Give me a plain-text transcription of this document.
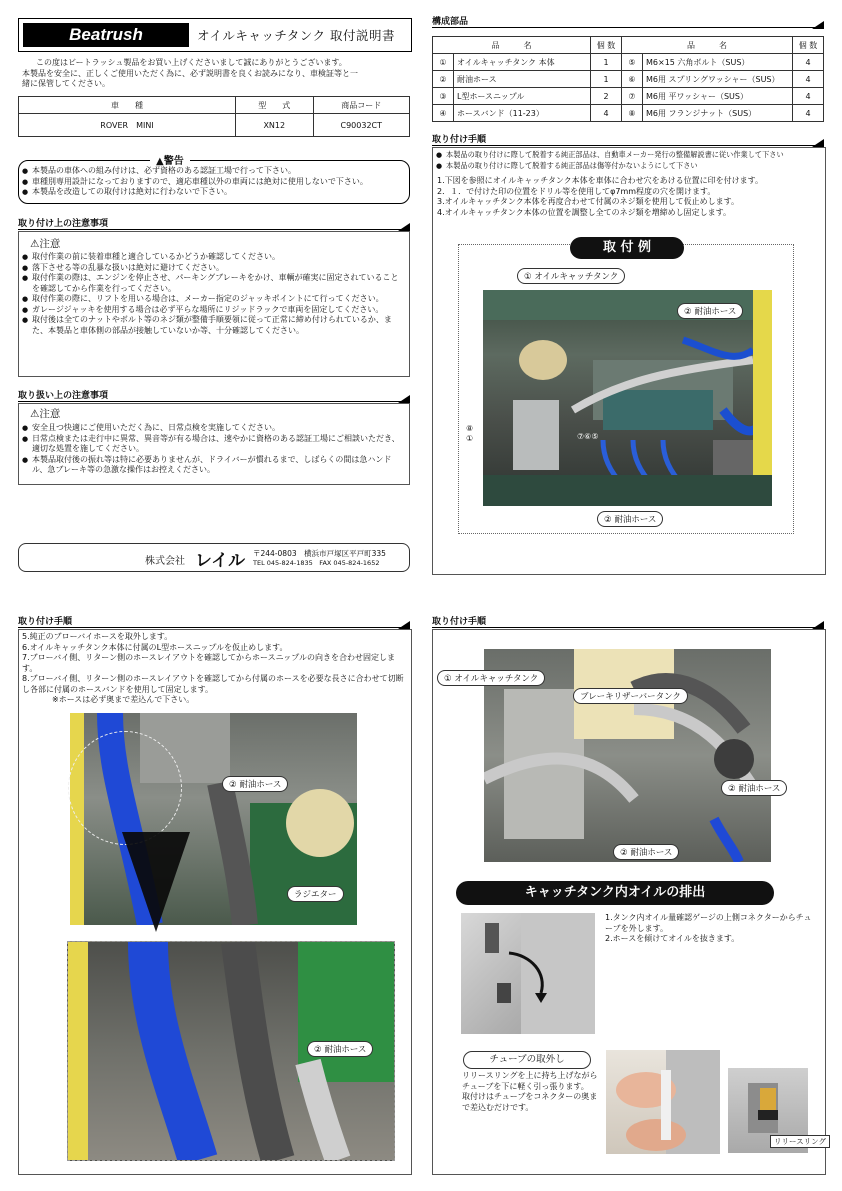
Beatrush	オイルキャッチタンク 取付説明書
この度はビートラッシュ製品をお買い上げくださいまして誠にありがとうございます。
本製品を安全に、正しくご使用いただく為に、必ず説明書を良くお読みになり、車検証等と一
緒に保管してください。
車　　種	型　　式	商品コード
ROVER　MINI	XN12	C90032CT
▲警告
● 本製品の車体への組み付けは、必ず資格のある認証工場で行って下さい。
● 車種別専用設計になっておりますので、適応車種以外の車両には絶対に使用しないで下さい。
● 本製品を改造しての取付けは絶対に行わないで下さい。
取り付け上の注意事項
⚠注意
● 取付作業の前に装着車種と適合しているかどうか確認してください。
● 落下させる等の乱暴な扱いは絶対に避けてください。
● 取付作業の際は、エンジンを停止させ、パーキングブレーキをかけ、車輌が確実に固定されていることを確認してから作業を行ってください。
● 取付作業の際に、リフトを用いる場合は、メーカー指定のジャッキポイントにて行ってください。
● ガレージジャッキを使用する場合は必ず平らな場所にリジッドラックで車両を固定してください。
● 取付後は全てのナットやボルト等のネジ類が整備手順要領に従って正常に締め付けられているか、また、本製品と車体側の部品が接触していないか等、十分確認してください。
取り扱い上の注意事項
⚠注意
● 安全且つ快適にご使用いただく為に、日常点検を実施してください。
● 日常点検または走行中に異常、異音等が有る場合は、速やかに資格のある認証工場にご相談いただき、適切な処置を施してください。
● 本製品取付後の振れ等は特に必要ありませんが、ドライバーが慣れるまで、しばらくの間は急ハンドル、急ブレーキ等の急激な操作はお控えください。
株式会社 レイル 〒244-0803　横浜市戸塚区平戸町335
TEL 045-824-1835　FAX 045-824-1652
構成部品
品　　　名		個 数	品　　　名		個 数
①	オイルキャッチタンク 本体	1	⑤	M6×15 六角ボルト（SUS）	4
②	耐油ホース	1	⑥	M6用 スプリングワッシャー（SUS）	4
③	L型ホースニップル	2	⑦	M6用 平ワッシャー（SUS）	4
④	ホースバンド（11-23）	4	⑧	M6用 フランジナット（SUS）	4
取り付け手順
● 本製品の取り付けに際して脱着する純正部品は、自動車メーカー発行の整備解説書に従い作業して下さい
● 本製品の取り付けに際して脱着する純正部品は傷等付かないようにして下さい
1.下図を参照にオイルキャッチタンク本体を車体に合わせ穴をあける位置に印を付けます。
2．１．で付けた印の位置をドリル等を使用してφ7mm程度の穴を開けます。
3.オイルキャッチタンク本体を再度合わせて付属のネジ類を使用して仮止めします。
4.オイルキャッチタンク本体の位置を調整し全てのネジ類を増締めし固定します。
取 付 例
① オイルキャッチタンク
② 耐油ホース
② 耐油ホース
⑧
①	⑦⑥⑤
取り付け手順
5.純正のブローバイホースを取外します。
6.オイルキャッチタンク本体に付属のL型ホースニップルを仮止めします。
7.ブローバイ側、リターン側のホースレイアウトを確認してからホースニップルの向きを合わせ固定します。
8.ブローバイ側、リターン側のホースレイアウトを確認してから付属のホースを必要な長さに合わせて切断し各部に付属のホースバンドを使用して固定します。
※ホースは必ず奥まで差込んで下さい。
② 耐油ホース
ラジエター
② 耐油ホース
取り付け手順
① オイルキャッチタンク
ブレーキリザーバータンク
② 耐油ホース
② 耐油ホース
キャッチタンク内オイルの排出
1.タンク内オイル量確認ゲージの上側コネクターからチューブを外します。
2.ホースを傾けてオイルを抜きます。
チューブの取外し
リリースリングを上に持ち上げながらチューブを下に軽く引っ張ります。
取付けはチューブをコネクターの奥まで差込むだけです。
リリースリング
